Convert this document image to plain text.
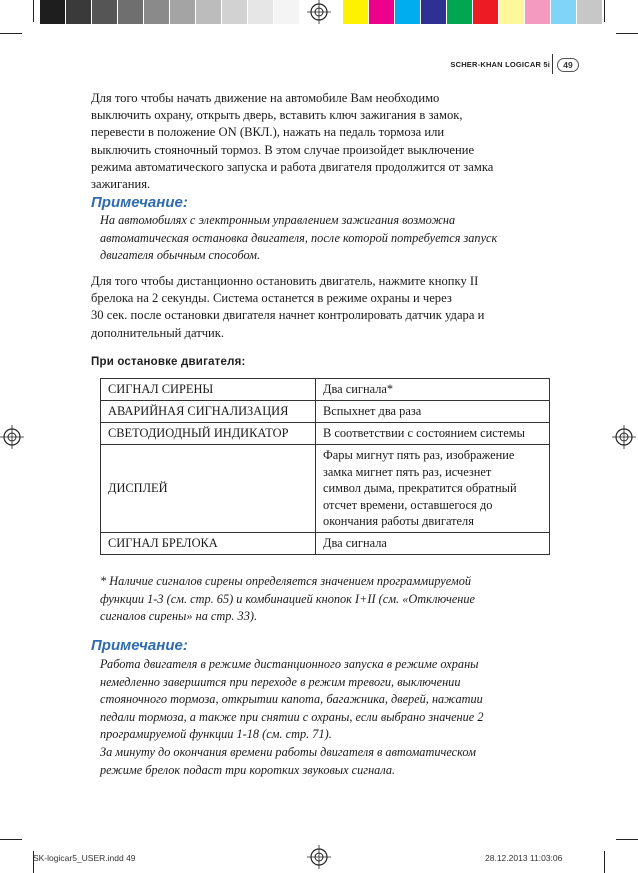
SCHER-KHAN LOGICAR 5i	49
Для того чтобы начать движение на автомобиле Вам необходимо
выключить охрану, открыть дверь, вставить ключ зажигания в замок,
перевести в положение ON (ВКЛ.), нажать на педаль тормоза или
выключить стояночный тормоз. В этом случае произойдет выключение
режима автоматического запуска и работа двигателя продолжится от замка
зажигания.
Примечание:
На автомобилях с электронным управлением зажигания возможна
автоматическая остановка двигателя, после которой потребуется запуск
двигателя обычным способом.
Для того чтобы дистанционно остановить двигатель, нажмите кнопку II
брелока на 2 секунды. Система останется в режиме охраны и через
30 сек. после остановки двигателя начнет контролировать датчик удара и
дополнительный датчик.
При остановке двигателя:
СИГНАЛ СИРЕНЫ	Два сигнала*

АВАРИЙНАЯ СИГНАЛИЗАЦИЯ	Вспыхнет два раза

СВЕТОДИОДНЫЙ ИНДИКАТОР	В соответствии с состоянием системы

ДИСПЛЕЙ	Фары мигнут пять раз, изображение
замка мигнет пять раз, исчезнет
символ дыма, прекратится обратный
отсчет времени, оставшегося до
окончания работы двигателя

СИГНАЛ БРЕЛОКА	Два сигнала
* Наличие сигналов сирены определяется значением программируемой
функции 1-3 (см. стр. 65) и комбинацией кнопок I+II (см. «Отключение
сигналов сирены» на стр. 33).
Примечание:
Работа двигателя в режиме дистанционного запуска в режиме охраны
немедленно завершится при переходе в режим тревоги, выключении
стояночного тормоза, открытии капота, багажника, дверей, нажатии
педали тормоза, а также при снятии с охраны, если выбрано значение 2
програмируемой функции 1-18 (см. стр. 71).
За минуту до окончания времени работы двигателя в автоматическом
режиме брелок подаст три коротких звуковых сигнала.
SK-logicar5_USER.indd 49	28.12.2013 11:03:06
